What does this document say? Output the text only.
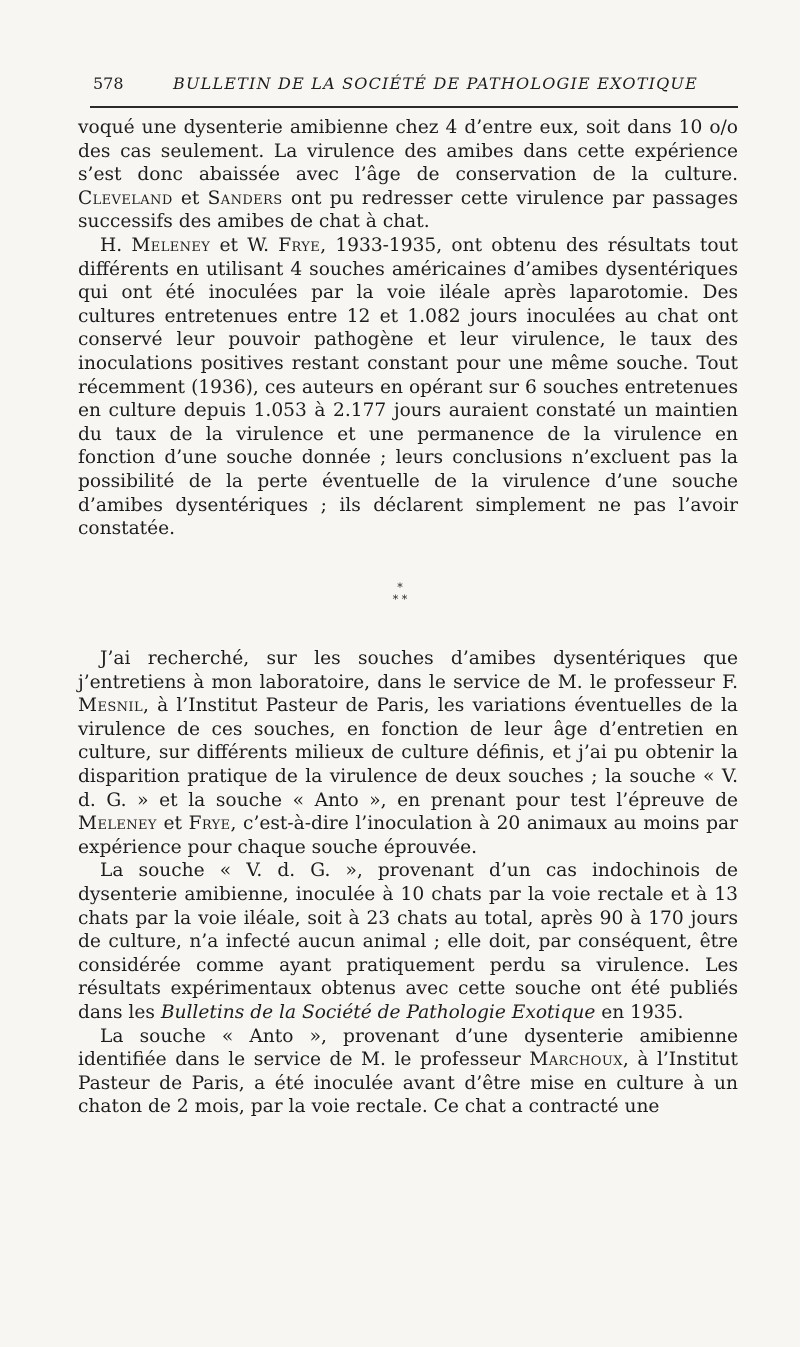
578	BULLETIN DE LA SOCIÉTÉ DE PATHOLOGIE EXOTIQUE

voqué une dysenterie amibienne chez 4 d’entre eux, soit dans 10 o/o des cas seulement. La virulence des amibes dans cette expérience s’est donc abaissée avec l’âge de conservation de la culture. Cleveland et Sanders ont pu redresser cette virulence par passages successifs des amibes de chat à chat.

H. Meleney et W. Frye, 1933-1935, ont obtenu des résultats tout différents en utilisant 4 souches américaines d’amibes dysentériques qui ont été inoculées par la voie iléale après laparotomie. Des cultures entretenues entre 12 et 1.082 jours inoculées au chat ont conservé leur pouvoir pathogène et leur virulence, le taux des inoculations positives restant constant pour une même souche. Tout récemment (1936), ces auteurs en opérant sur 6 souches entretenues en culture depuis 1.053 à 2.177 jours auraient constaté un maintien du taux de la virulence et une permanence de la virulence en fonction d’une souche donnée ; leurs conclusions n’excluent pas la possibilité de la perte éventuelle de la virulence d’une souche d’amibes dysentériques ; ils déclarent simplement ne pas l’avoir constatée.

*
* *

J’ai recherché, sur les souches d’amibes dysentériques que j’entretiens à mon laboratoire, dans le service de M. le professeur F. Mesnil, à l’Institut Pasteur de Paris, les variations éventuelles de la virulence de ces souches, en fonction de leur âge d’entretien en culture, sur différents milieux de culture définis, et j’ai pu obtenir la disparition pratique de la virulence de deux souches ; la souche « V. d. G. » et la souche « Anto », en prenant pour test l’épreuve de Meleney et Frye, c’est-à-dire l’inoculation à 20 animaux au moins par expérience pour chaque souche éprouvée.

La souche « V. d. G. », provenant d’un cas indochinois de dysenterie amibienne, inoculée à 10 chats par la voie rectale et à 13 chats par la voie iléale, soit à 23 chats au total, après 90 à 170 jours de culture, n’a infecté aucun animal ; elle doit, par conséquent, être considérée comme ayant pratiquement perdu sa virulence. Les résultats expérimentaux obtenus avec cette souche ont été publiés dans les Bulletins de la Société de Pathologie Exotique en 1935.

La souche « Anto », provenant d’une dysenterie amibienne identifiée dans le service de M. le professeur Marchoux, à l’Institut Pasteur de Paris, a été inoculée avant d’être mise en culture à un chaton de 2 mois, par la voie rectale. Ce chat a contracté une
